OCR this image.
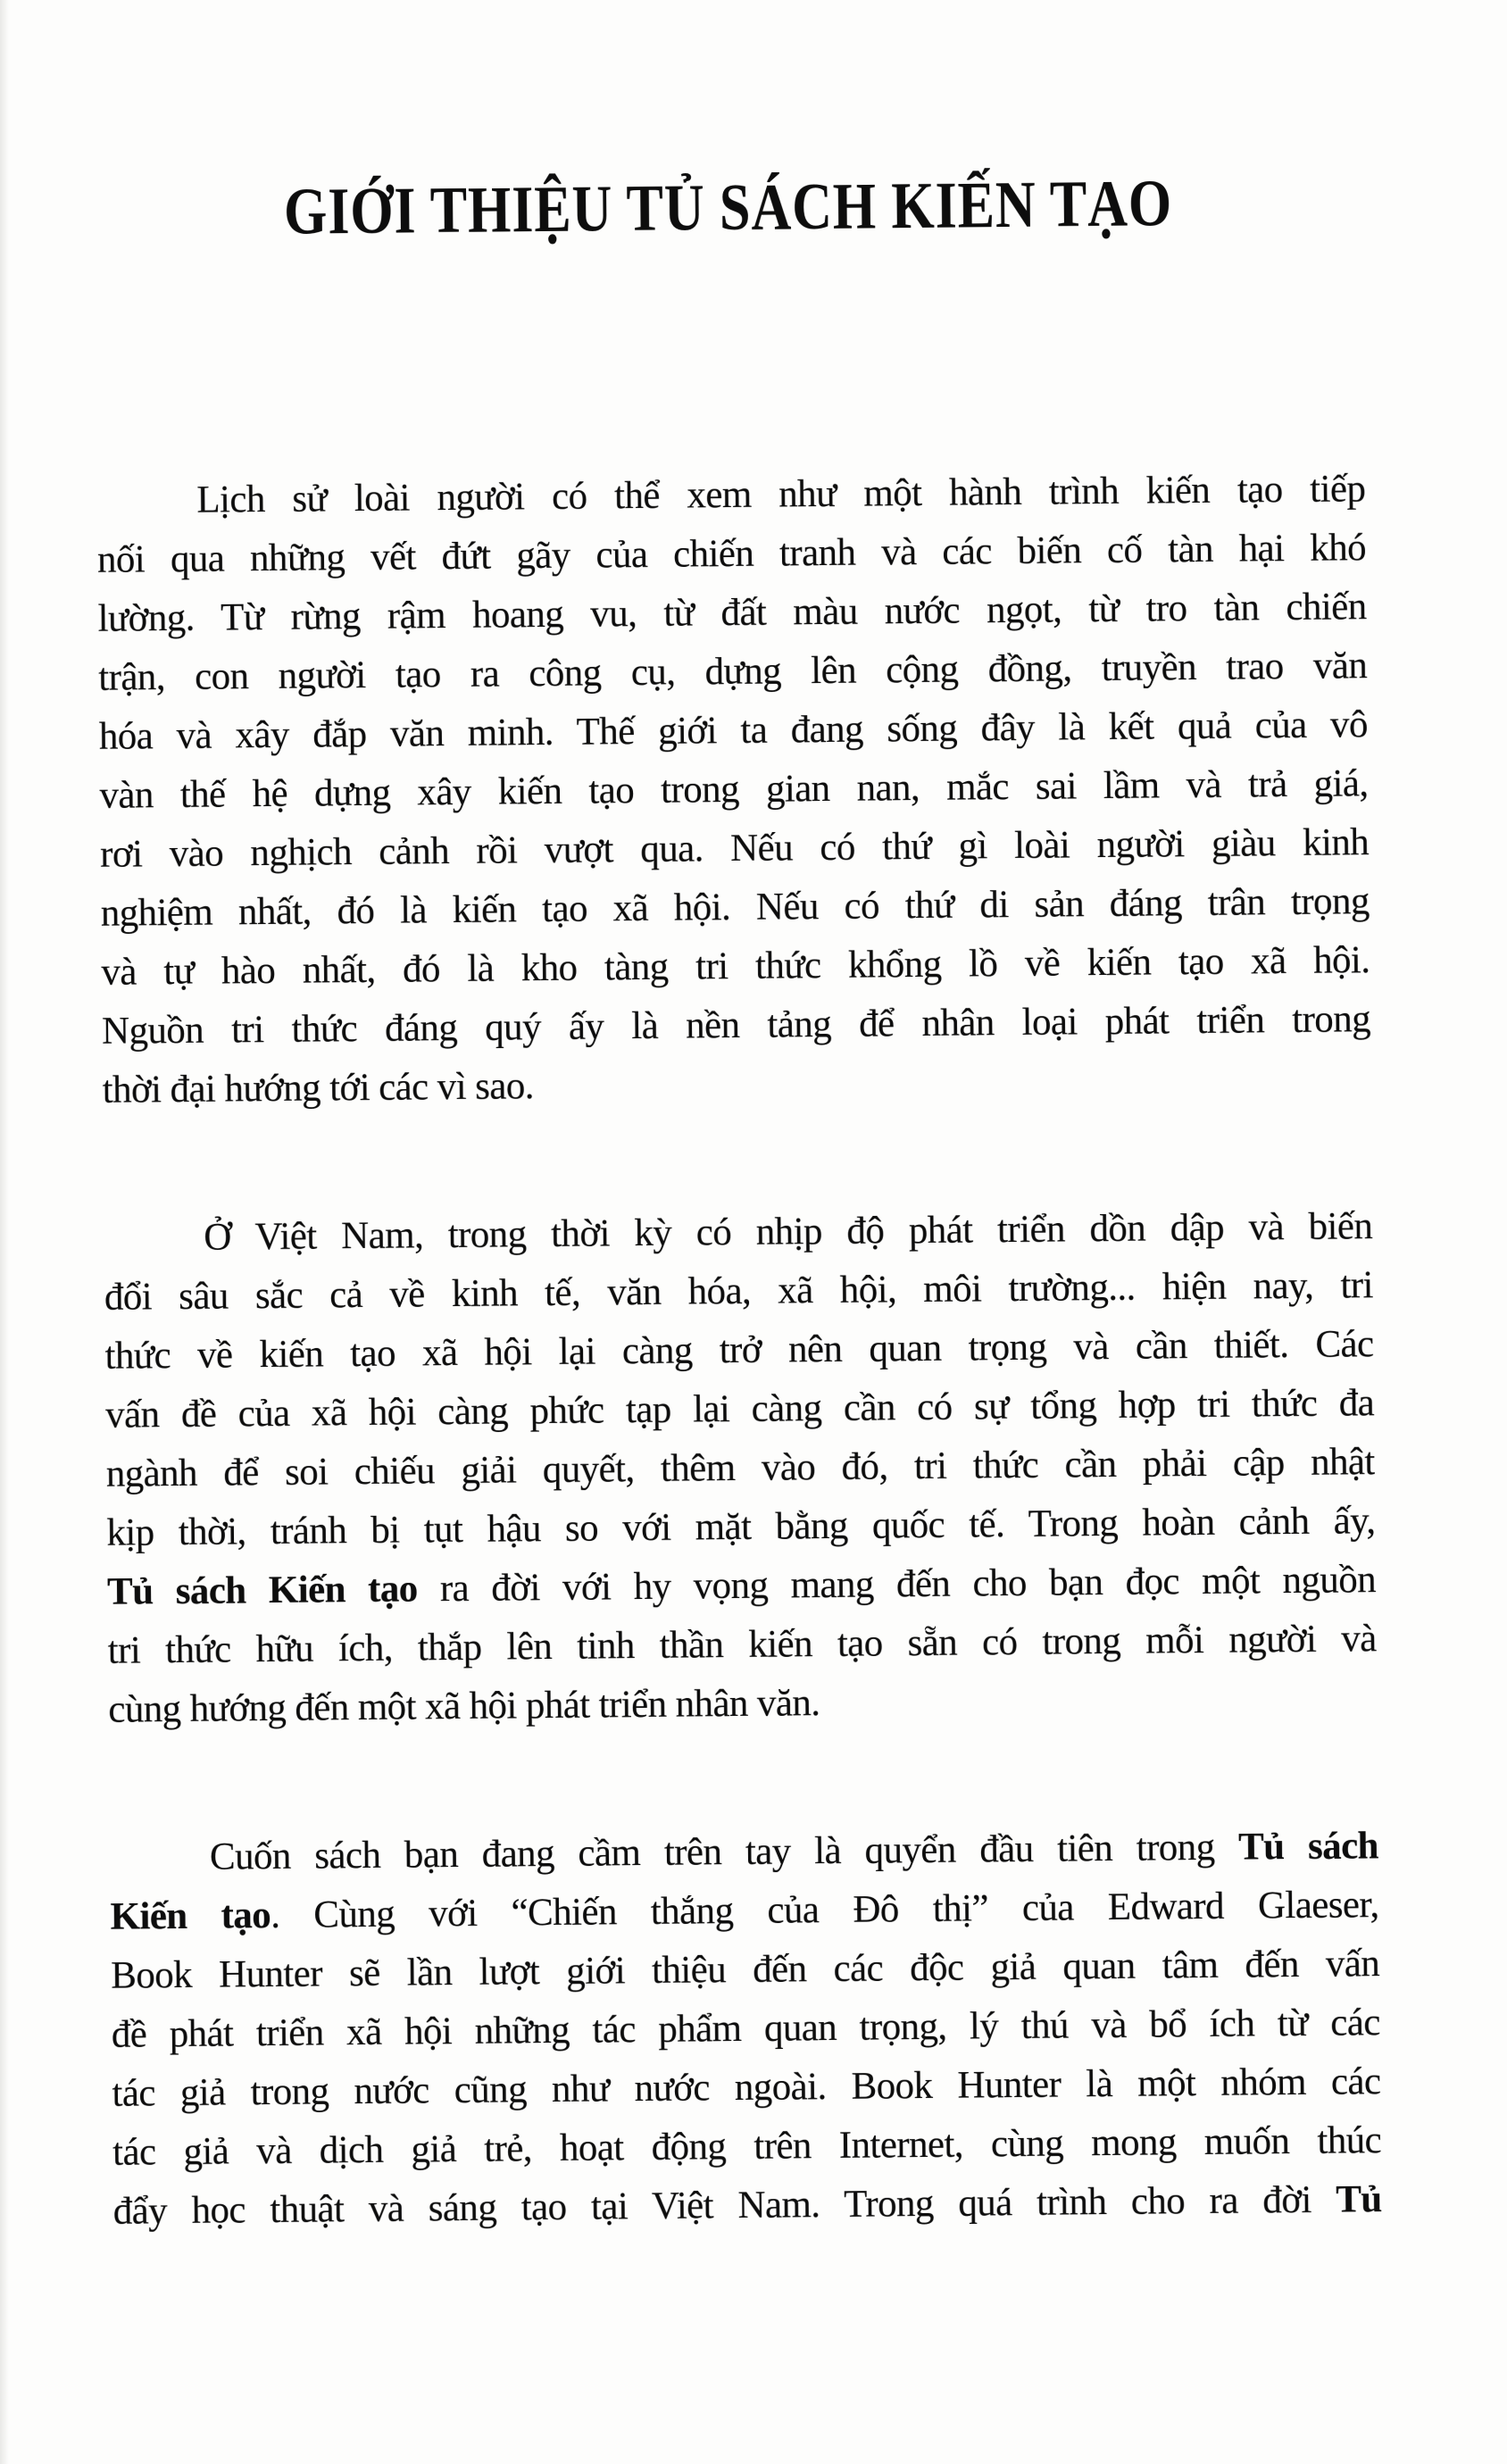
GIỚI THIỆU TỦ SÁCH KIẾN TẠO
Lịch sử loài người có thể xem như một hành trình kiến tạo tiếp
nối qua những vết đứt gãy của chiến tranh và các biến cố tàn hại khó
lường. Từ rừng rậm hoang vu, từ đất màu nước ngọt, từ tro tàn chiến
trận, con người tạo ra công cụ, dựng lên cộng đồng, truyền trao văn
hóa và xây đắp văn minh. Thế giới ta đang sống đây là kết quả của vô
vàn thế hệ dựng xây kiến tạo trong gian nan, mắc sai lầm và trả giá,
rơi vào nghịch cảnh rồi vượt qua. Nếu có thứ gì loài người giàu kinh
nghiệm nhất, đó là kiến tạo xã hội. Nếu có thứ di sản đáng trân trọng
và tự hào nhất, đó là kho tàng tri thức khổng lồ về kiến tạo xã hội.
Nguồn tri thức đáng quý ấy là nền tảng để nhân loại phát triển trong
thời đại hướng tới các vì sao.
Ở Việt Nam, trong thời kỳ có nhịp độ phát triển dồn dập và biến
đổi sâu sắc cả về kinh tế, văn hóa, xã hội, môi trường... hiện nay, tri
thức về kiến tạo xã hội lại càng trở nên quan trọng và cần thiết. Các
vấn đề của xã hội càng phức tạp lại càng cần có sự tổng hợp tri thức đa
ngành để soi chiếu giải quyết, thêm vào đó, tri thức cần phải cập nhật
kịp thời, tránh bị tụt hậu so với mặt bằng quốc tế. Trong hoàn cảnh ấy,
Tủ sách Kiến tạo ra đời với hy vọng mang đến cho bạn đọc một nguồn
tri thức hữu ích, thắp lên tinh thần kiến tạo sẵn có trong mỗi người và
cùng hướng đến một xã hội phát triển nhân văn.
Cuốn sách bạn đang cầm trên tay là quyển đầu tiên trong Tủ sách
Kiến tạo. Cùng với “Chiến thắng của Đô thị” của Edward Glaeser,
Book Hunter sẽ lần lượt giới thiệu đến các độc giả quan tâm đến vấn
đề phát triển xã hội những tác phẩm quan trọng, lý thú và bổ ích từ các
tác giả trong nước cũng như nước ngoài. Book Hunter là một nhóm các
tác giả và dịch giả trẻ, hoạt động trên Internet, cùng mong muốn thúc
đẩy học thuật và sáng tạo tại Việt Nam. Trong quá trình cho ra đời Tủ
